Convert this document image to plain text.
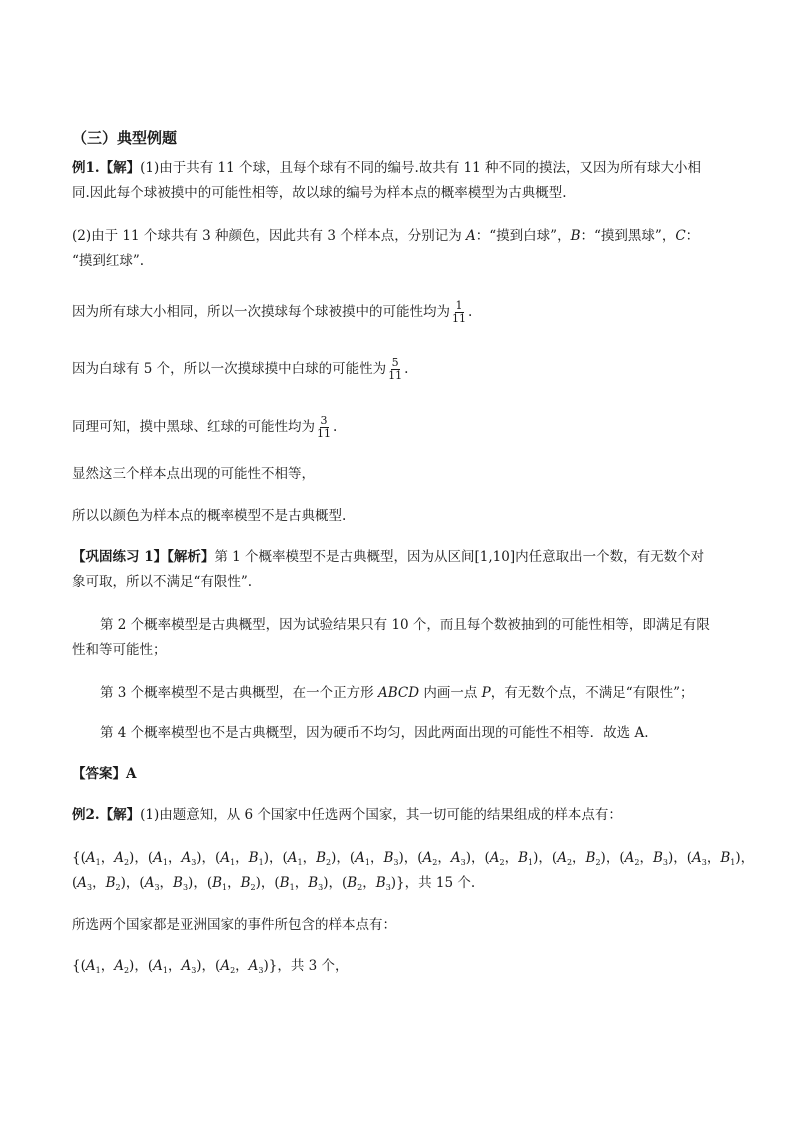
（三）典型例题
例1.【解】(1)由于共有 11 个球，且每个球有不同的编号.故共有 11 种不同的摸法，又因为所有球大小相
同.因此每个球被摸中的可能性相等，故以球的编号为样本点的概率模型为古典概型.
(2)由于 11 个球共有 3 种颜色，因此共有 3 个样本点，分别记为 A：“摸到白球”，B：“摸到黑球”，C：
“摸到红球”.
因为所有球大小相同，所以一次摸球每个球被摸中的可能性均为 $\frac{1}{11}$ .
因为白球有 5 个，所以一次摸球摸中白球的可能性为 $\frac{5}{11}$ .
同理可知，摸中黑球、红球的可能性均为 $\frac{3}{11}$ .
显然这三个样本点出现的可能性不相等，
所以以颜色为样本点的概率模型不是古典概型.
【巩固练习 1】【解析】第 1 个概率模型不是古典概型，因为从区间[1,10]内任意取出一个数，有无数个对
象可取，所以不满足“有限性”.
第 2 个概率模型是古典概型，因为试验结果只有 10 个，而且每个数被抽到的可能性相等，即满足有限
性和等可能性；
第 3 个概率模型不是古典概型，在一个正方形 ABCD 内画一点 P，有无数个点，不满足“有限性”；
第 4 个概率模型也不是古典概型，因为硬币不均匀，因此两面出现的可能性不相等．故选 A.
【答案】A
例2.【解】(1)由题意知，从 6 个国家中任选两个国家，其一切可能的结果组成的样本点有：
{($A_1$，$A_2$)，($A_1$，$A_3$)，($A_1$，$B_1$)，($A_1$，$B_2$)，($A_1$，$B_3$)，($A_2$，$A_3$)，($A_2$，$B_1$)，($A_2$，$B_2$)，($A_2$，$B_3$)，($A_3$，$B_1$)，
($A_3$，$B_2$)，($A_3$，$B_3$)，($B_1$，$B_2$)，($B_1$，$B_3$)，($B_2$，$B_3$)}，共 15 个.
所选两个国家都是亚洲国家的事件所包含的样本点有：
{($A_1$，$A_2$)，($A_1$，$A_3$)，($A_2$，$A_3$)}，共 3 个，
